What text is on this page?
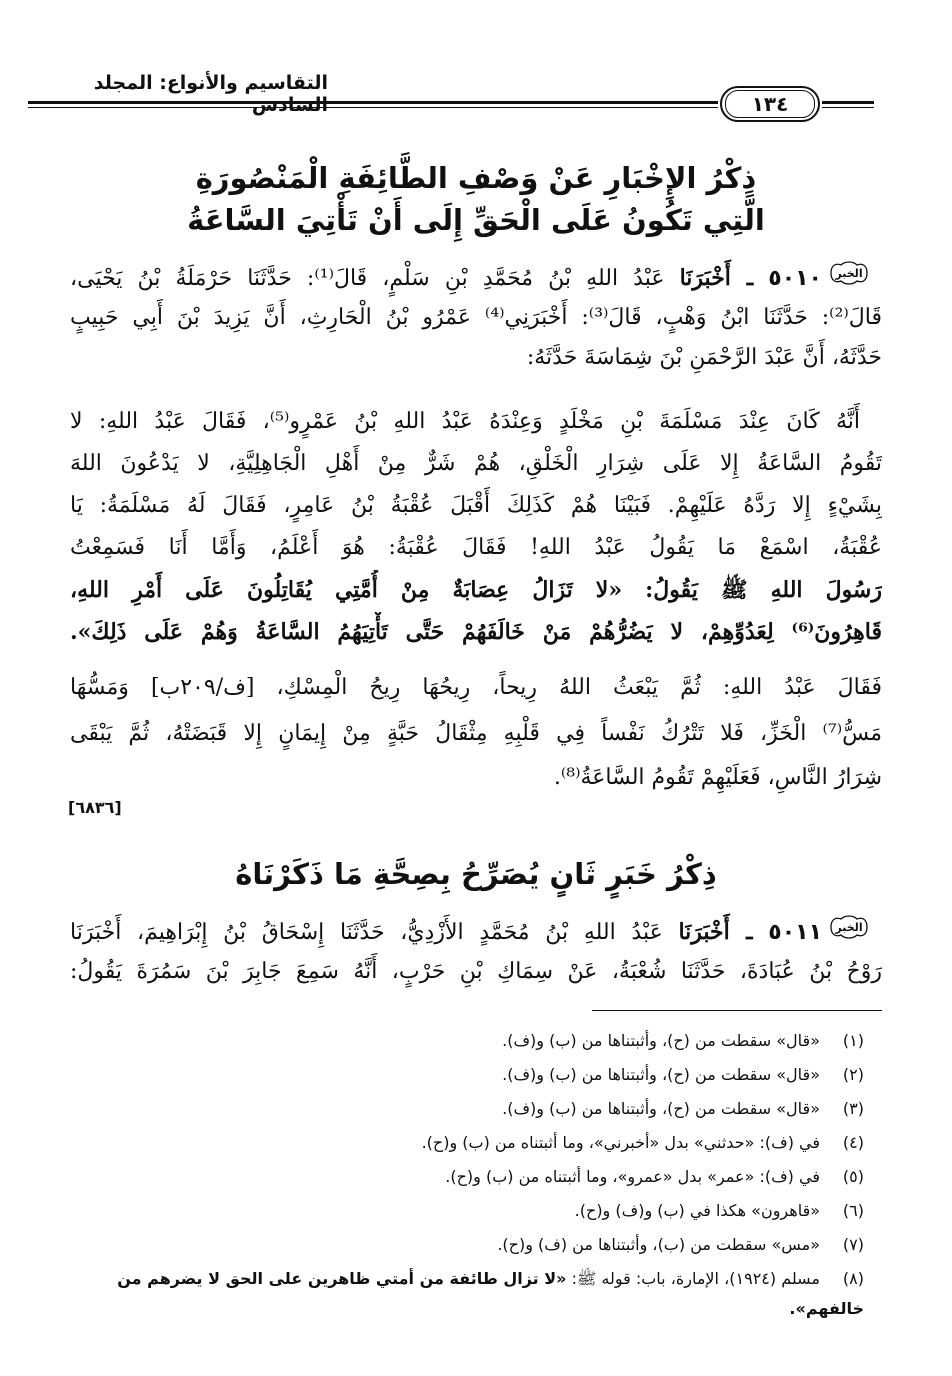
التقاسيم والأنواع: المجلد السادس	١٣٤
ذِكْرُ الإِخْبَارِ عَنْ وَصْفِ الطَّائِفَةِ الْمَنْصُورَةِ
الَّتِي تَكُونُ عَلَى الْحَقِّ إِلَى أَنْ تَأْتِيَ السَّاعَةُ
الخبر
٥٠١٠ ـ أَخْبَرَنَا عَبْدُ اللهِ بْنُ مُحَمَّدِ بْنِ سَلْمٍ، قَالَ⁽¹⁾: حَدَّثَنَا حَرْمَلَةُ بْنُ يَحْيَى،
قَالَ⁽²⁾: حَدَّثَنَا ابْنُ وَهْبٍ، قَالَ⁽³⁾: أَخْبَرَنِي⁽⁴⁾ عَمْرُو بْنُ الْحَارِثِ، أَنَّ يَزِيدَ بْنَ أَبِي حَبِيبٍ
حَدَّثَهُ، أَنَّ عَبْدَ الرَّحْمَنِ بْنَ شِمَاسَةَ حَدَّثَهُ:
أَنَّهُ كَانَ عِنْدَ مَسْلَمَةَ بْنِ مَخْلَدٍ وَعِنْدَهُ عَبْدُ اللهِ بْنُ عَمْرٍو⁽⁵⁾، فَقَالَ عَبْدُ اللهِ: لا
تَقُومُ السَّاعَةُ إِلا عَلَى شِرَارِ الْخَلْقِ، هُمْ شَرٌّ مِنْ أَهْلِ الْجَاهِلِيَّةِ، لا يَدْعُونَ اللهَ
بِشَيْءٍ إِلا رَدَّهُ عَلَيْهِمْ. فَبَيْنَا هُمْ كَذَلِكَ أَقْبَلَ عُقْبَةُ بْنُ عَامِرٍ، فَقَالَ لَهُ مَسْلَمَةُ: يَا
عُقْبَةُ، اسْمَعْ مَا يَقُولُ عَبْدُ اللهِ! فَقَالَ عُقْبَةُ: هُوَ أَعْلَمُ، وَأَمَّا أَنَا فَسَمِعْتُ
رَسُولَ اللهِ ﷺ يَقُولُ: «لا تَزَالُ عِصَابَةٌ مِنْ أُمَّتِي يُقَاتِلُونَ عَلَى أَمْرِ اللهِ،
قَاهِرُونَ⁽⁶⁾ لِعَدُوِّهِمْ، لا يَضُرُّهُمْ مَنْ خَالَفَهُمْ حَتَّى تَأْتِيَهُمُ السَّاعَةُ وَهُمْ عَلَى ذَلِكَ».
فَقَالَ عَبْدُ اللهِ: ثُمَّ يَبْعَثُ اللهُ رِيحاً، رِيحُهَا رِيحُ الْمِسْكِ، [ف/٢٠٩ب] وَمَسُّهَا
مَسُّ⁽⁷⁾ الْخَزِّ، فَلا تَتْرُكُ نَفْساً فِي قَلْبِهِ مِثْقَالُ حَبَّةٍ مِنْ إِيمَانٍ إِلا قَبَضَتْهُ، ثُمَّ يَبْقَى
شِرَارُ النَّاسِ، فَعَلَيْهِمْ تَقُومُ السَّاعَةُ⁽⁸⁾.
[٦٨٣٦]
ذِكْرُ خَبَرٍ ثَانٍ يُصَرِّحُ بِصِحَّةِ مَا ذَكَرْنَاهُ
الخبر
٥٠١١ ـ أَخْبَرَنَا عَبْدُ اللهِ بْنُ مُحَمَّدٍ الأَزْدِيُّ، حَدَّثَنَا إِسْحَاقُ بْنُ إِبْرَاهِيمَ، أَخْبَرَنَا
رَوْحُ بْنُ عُبَادَةَ، حَدَّثَنَا شُعْبَةُ، عَنْ سِمَاكِ بْنِ حَرْبٍ، أَنَّهُ سَمِعَ جَابِرَ بْنَ سَمُرَةَ يَقُولُ:
(١)«قال» سقطت من (ح)، وأثبتناها من (ب) و(ف).
(٢)«قال» سقطت من (ح)، وأثبتناها من (ب) و(ف).
(٣)«قال» سقطت من (ح)، وأثبتناها من (ب) و(ف).
(٤)في (ف): «حدثني» بدل «أخبرني»، وما أثبتناه من (ب) و(ح).
(٥)في (ف): «عمر» بدل «عمرو»، وما أثبتناه من (ب) و(ح).
(٦)«قاهرون» هكذا في (ب) و(ف) و(ح).
(٧)«مس» سقطت من (ب)، وأثبتناها من (ف) و(ح).
(٨)مسلم (١٩٢٤)، الإمارة، باب: قوله ﷺ: «لا تزال طائفة من أمتي ظاهرين على الحق لا يضرهم من خالفهم».
